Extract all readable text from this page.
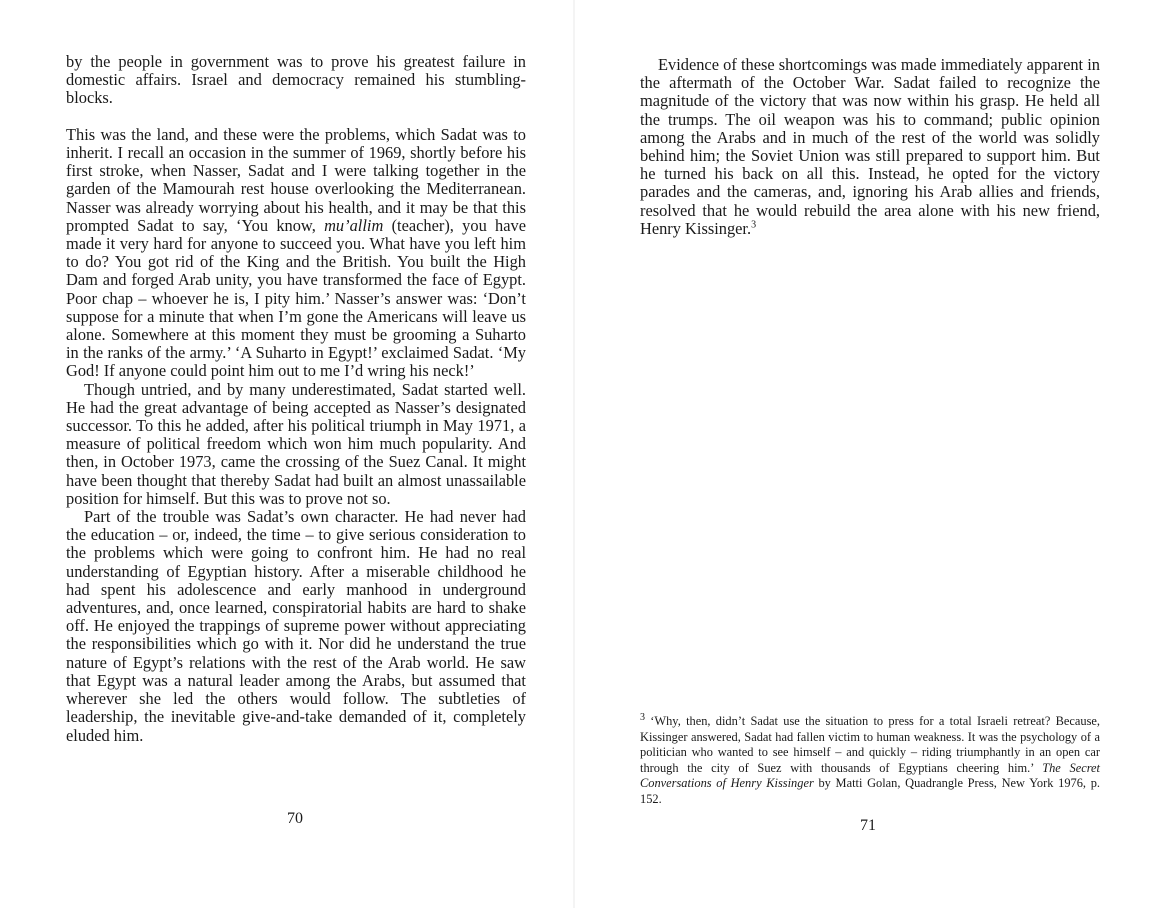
by the people in government was to prove his greatest failure in domestic affairs. Israel and democracy remained his stumbling-blocks.

This was the land, and these were the problems, which Sadat was to inherit. I recall an occasion in the summer of 1969, shortly before his first stroke, when Nasser, Sadat and I were talking together in the garden of the Mamourah rest house overlooking the Mediterranean. Nasser was already worrying about his health, and it may be that this prompted Sadat to say, ‘You know, mu’allim (teacher), you have made it very hard for anyone to succeed you. What have you left him to do? You got rid of the King and the British. You built the High Dam and forged Arab unity, you have transformed the face of Egypt. Poor chap – whoever he is, I pity him.’ Nasser’s answer was: ‘Don’t suppose for a minute that when I’m gone the Americans will leave us alone. Somewhere at this moment they must be grooming a Suharto in the ranks of the army.’ ‘A Suharto in Egypt!’ exclaimed Sadat. ‘My God! If anyone could point him out to me I’d wring his neck!’

Though untried, and by many underestimated, Sadat started well. He had the great advantage of being accepted as Nasser’s designated successor. To this he added, after his political triumph in May 1971, a measure of political freedom which won him much popularity. And then, in October 1973, came the crossing of the Suez Canal. It might have been thought that thereby Sadat had built an almost unassailable position for himself. But this was to prove not so.

Part of the trouble was Sadat’s own character. He had never had the education – or, indeed, the time – to give serious consideration to the problems which were going to confront him. He had no real understanding of Egyptian history. After a miserable childhood he had spent his adolescence and early manhood in underground adventures, and, once learned, conspiratorial habits are hard to shake off. He enjoyed the trappings of supreme power without appreciating the responsibilities which go with it. Nor did he understand the true nature of Egypt’s relations with the rest of the Arab world. He saw that Egypt was a natural leader among the Arabs, but assumed that wherever she led the others would follow. The subtleties of leadership, the inevitable give-and-take demanded of it, completely eluded him.

70

Evidence of these shortcomings was made immediately apparent in the aftermath of the October War. Sadat failed to recognize the magnitude of the victory that was now within his grasp. He held all the trumps. The oil weapon was his to command; public opinion among the Arabs and in much of the rest of the world was solidly behind him; the Soviet Union was still prepared to support him. But he turned his back on all this. Instead, he opted for the victory parades and the cameras, and, ignoring his Arab allies and friends, resolved that he would rebuild the area alone with his new friend, Henry Kissinger.$^3$

$^3$ ‘Why, then, didn’t Sadat use the situation to press for a total Israeli retreat? Because, Kissinger answered, Sadat had fallen victim to human weakness. It was the psychology of a politician who wanted to see himself – and quickly – riding triumphantly in an open car through the city of Suez with thousands of Egyptians cheering him.’ The Secret Conversations of Henry Kissinger by Matti Golan, Quadrangle Press, New York 1976, p. 152.

71
